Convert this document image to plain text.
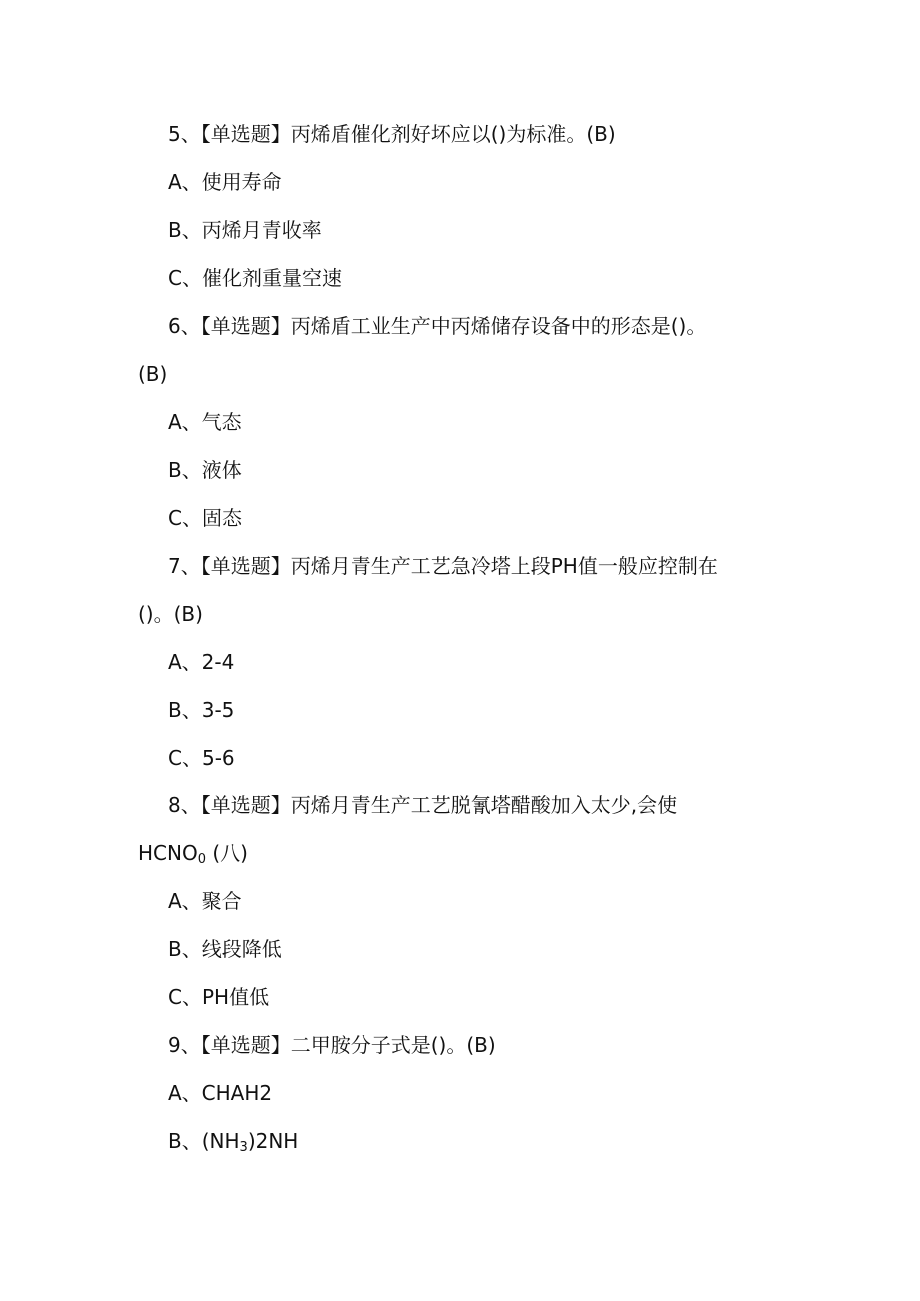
5、【单选题】丙烯盾催化剂好坏应以()为标准。(B)
A、使用寿命
B、丙烯月青收率
C、催化剂重量空速
6、【单选题】丙烯盾工业生产中丙烯储存设备中的形态是()。
(B)
A、气态
B、液体
C、固态
7、【单选题】丙烯月青生产工艺急冷塔上段PH值一般应控制在
()。(B)
A、2-4
B、3-5
C、5-6
8、【单选题】丙烯月青生产工艺脱氰塔醋酸加入太少,会使
$HCNO_0$ (八)
A、聚合
B、线段降低
C、PH值低
9、【单选题】二甲胺分子式是()。(B)
A、CHAH2
B、$(NH_3)2NH$
